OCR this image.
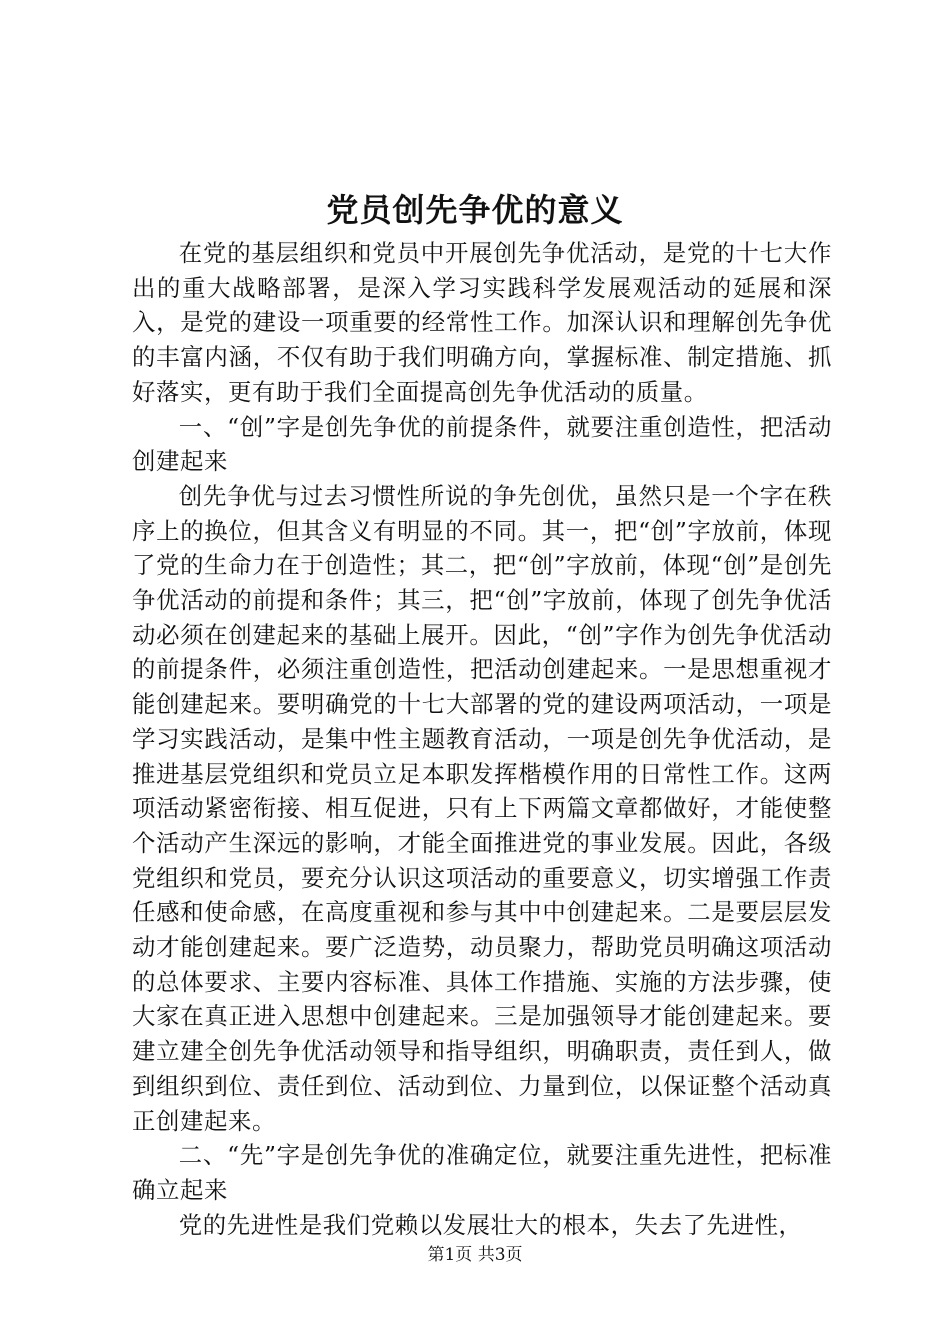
党员创先争优的意义

在党的基层组织和党员中开展创先争优活动，是党的十七大作出的重大战略部署，是深入学习实践科学发展观活动的延展和深入，是党的建设一项重要的经常性工作。加深认识和理解创先争优的丰富内涵，不仅有助于我们明确方向，掌握标准、制定措施、抓好落实，更有助于我们全面提高创先争优活动的质量。

一、“创”字是创先争优的前提条件，就要注重创造性，把活动创建起来

创先争优与过去习惯性所说的争先创优，虽然只是一个字在秩序上的换位，但其含义有明显的不同。其一，把“创”字放前，体现了党的生命力在于创造性；其二，把“创”字放前，体现“创”是创先争优活动的前提和条件；其三，把“创”字放前，体现了创先争优活动必须在创建起来的基础上展开。因此，“创”字作为创先争优活动的前提条件，必须注重创造性，把活动创建起来。一是思想重视才能创建起来。要明确党的十七大部署的党的建设两项活动，一项是学习实践活动，是集中性主题教育活动，一项是创先争优活动，是推进基层党组织和党员立足本职发挥楷模作用的日常性工作。这两项活动紧密衔接、相互促进，只有上下两篇文章都做好，才能使整个活动产生深远的影响，才能全面推进党的事业发展。因此，各级党组织和党员，要充分认识这项活动的重要意义，切实增强工作责任感和使命感，在高度重视和参与其中中创建起来。二是要层层发动才能创建起来。要广泛造势，动员聚力，帮助党员明确这项活动的总体要求、主要内容标准、具体工作措施、实施的方法步骤，使大家在真正进入思想中创建起来。三是加强领导才能创建起来。要建立建全创先争优活动领导和指导组织，明确职责，责任到人，做到组织到位、责任到位、活动到位、力量到位，以保证整个活动真正创建起来。

二、“先”字是创先争优的准确定位，就要注重先进性，把标准确立起来

党的先进性是我们党赖以发展壮大的根本，失去了先进性，

第1页 共3页
